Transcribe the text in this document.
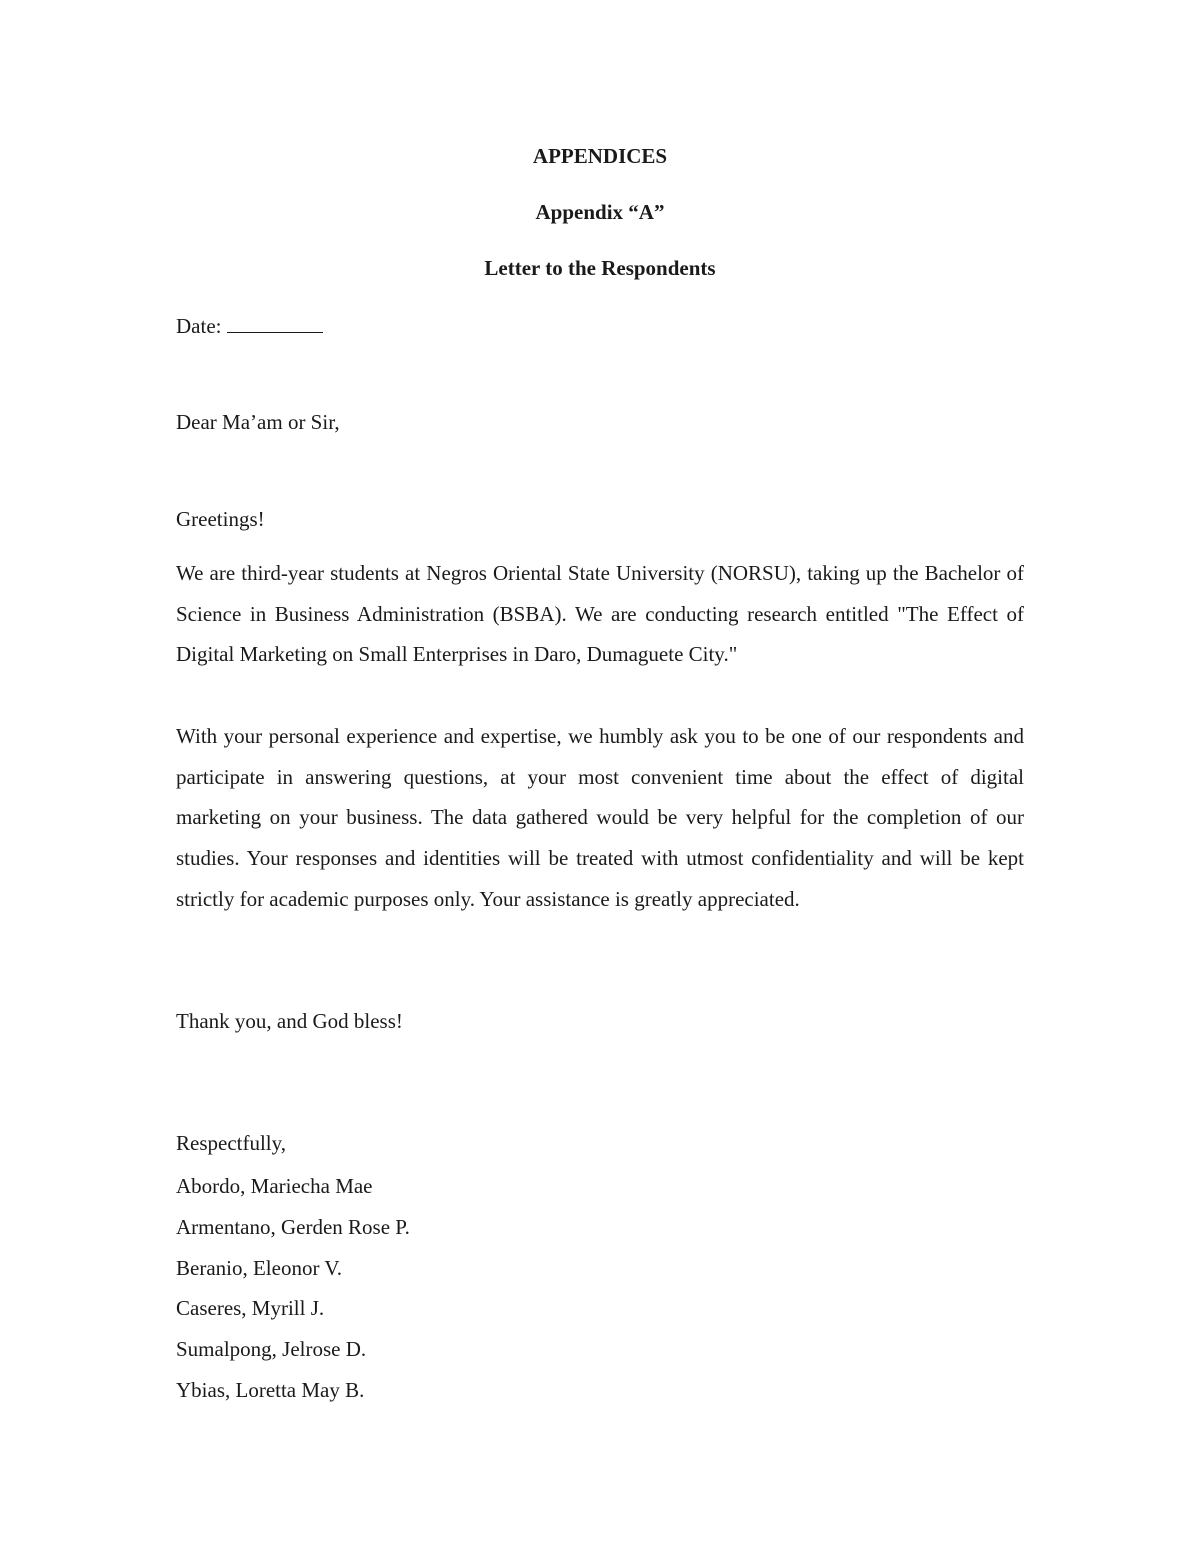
APPENDICES
Appendix “A”
Letter to the Respondents
Date:
Dear Ma’am or Sir,
Greetings!

We are third-year students at Negros Oriental State University (NORSU), taking up the Bachelor of Science in Business Administration (BSBA). We are conducting research entitled "The Effect of Digital Marketing on Small Enterprises in Daro, Dumaguete City."

With your personal experience and expertise, we humbly ask you to be one of our respondents and participate in answering questions, at your most convenient time about the effect of digital marketing on your business. The data gathered would be very helpful for the completion of our studies. Your responses and identities will be treated with utmost confidentiality and will be kept strictly for academic purposes only. Your assistance is greatly appreciated.

Thank you, and God bless!
Respectfully,
Abordo, Mariecha Mae
Armentano, Gerden Rose P.
Beranio, Eleonor V.
Caseres, Myrill J.
Sumalpong, Jelrose D.
Ybias, Loretta May B.
